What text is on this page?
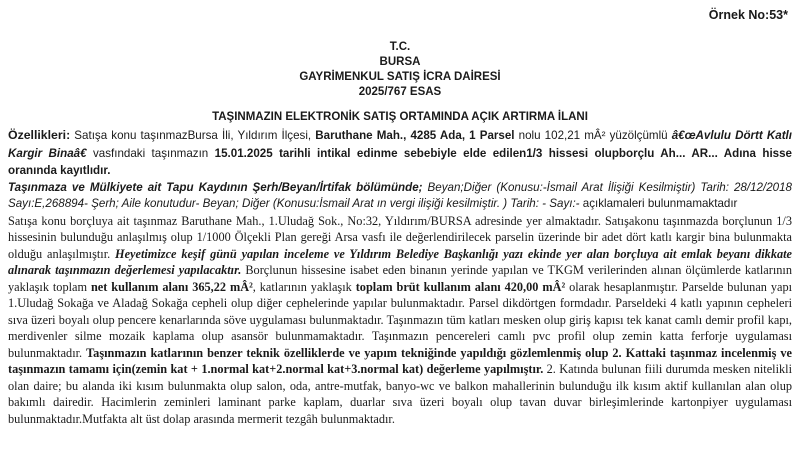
Örnek No:53*
T.C.
BURSA
GAYRİMENKUL SATIŞ İCRA DAİRESİ
2025/767 ESAS
TAŞINMAZIN ELEKTRONİK SATIŞ ORTAMINDA AÇIK ARTIRMA İLANI

Özellikleri: Satışa konu taşınmazBursa İli, Yıldırım İlçesi, Baruthane Mah., 4285 Ada, 1 Parsel nolu 102,21 mÂ² yüzölçümlü â€œAvlulu Dörtt Katlı Kargir Binaâ€ vasfındaki taşınmazın 15.01.2025 tarihli intikal edinme sebebiyle elde edilen1/3 hissesi olupborçlu Ah... AR... Adına hisse oranında kayıtlıdır.

Taşınmaza ve Mülkiyete ait Tapu Kaydının Şerh/Beyan/İrtifak bölümünde; Beyan;Diğer (Konusu:-İsmail Arat İlişiği Kesilmiştir) Tarih: 28/12/2018 Sayı:E,268894- Şerh; Aile konutudur- Beyan; Diğer (Konusu:İsmail Arat ın vergi ilişiği kesilmiştir. ) Tarih: - Sayı:- açıklamaleri bulunmamaktadır

Satışa konu borçluya ait taşınmaz Baruthane Mah., 1.Uludağ Sok., No:32, Yıldırım/BURSA adresinde yer almaktadır. Satışakonu taşınmazda borçlunun 1/3 hissesinin bulunduğu anlaşılmış olup 1/1000 Ölçekli Plan gereği Arsa vasfı ile değerlendirilecek parselin üzerinde bir adet dört katlı kargir bina bulunmakta olduğu anlaşılmıştır. Heyetimizce keşif günü yapılan inceleme ve Yıldırım Belediye Başkanlığı yazı ekinde yer alan borçluya ait emlak beyanı dikkate alınarak taşınmazın değerlemesi yapılacaktır. Borçlunun hissesine isabet eden binanın yerinde yapılan ve TKGM verilerinden alınan ölçümlerde katlarının yaklaşık toplam net kullanım alanı 365,22 mÂ², katlarının yaklaşık toplam brüt kullanım alanı 420,00 mÂ² olarak hesaplanmıştır. Parselde bulunan yapı 1.Uludağ Sokağa ve Aladağ Sokağa cepheli olup diğer cephelerinde yapılar bulunmaktadır. Parsel dikdörtgen formdadır. Parseldeki 4 katlı yapının cepheleri sıva üzeri boyalı olup pencere kenarlarında söve uygulaması bulunmaktadır. Taşınmazın tüm katları mesken olup giriş kapısı tek kanat camlı demir profil kapı, merdivenler silme mozaik kaplama olup asansör bulunmamaktadır. Taşınmazın pencereleri camlı pvc profil olup zemin katta ferforje uygulaması bulunmaktadır. Taşınmazın katlarının benzer teknik özelliklerde ve yapım tekniğinde yapıldığı gözlemlenmiş olup 2. Kattaki taşınmaz incelenmiş ve taşınmazın tamamı için(zemin kat + 1.normal kat+2.normal kat+3.normal kat) değerleme yapılmıştır. 2. Katında bulunan fiili durumda mesken nitelikli olan daire; bu alanda iki kısım bulunmakta olup salon, oda, antre-mutfak, banyo-wc ve balkon mahallerinin bulunduğu ilk kısım aktif kullanılan alan olup bakımlı dairedir. Hacimlerin zeminleri laminant parke kaplam, duarlar sıva üzeri boyalı olup tavan duvar birleşimlerinde kartonpiyer uygulaması bulunmaktadır.Mutfakta alt üst dolap arasında mermerit tezgâh bulunmaktadır.
